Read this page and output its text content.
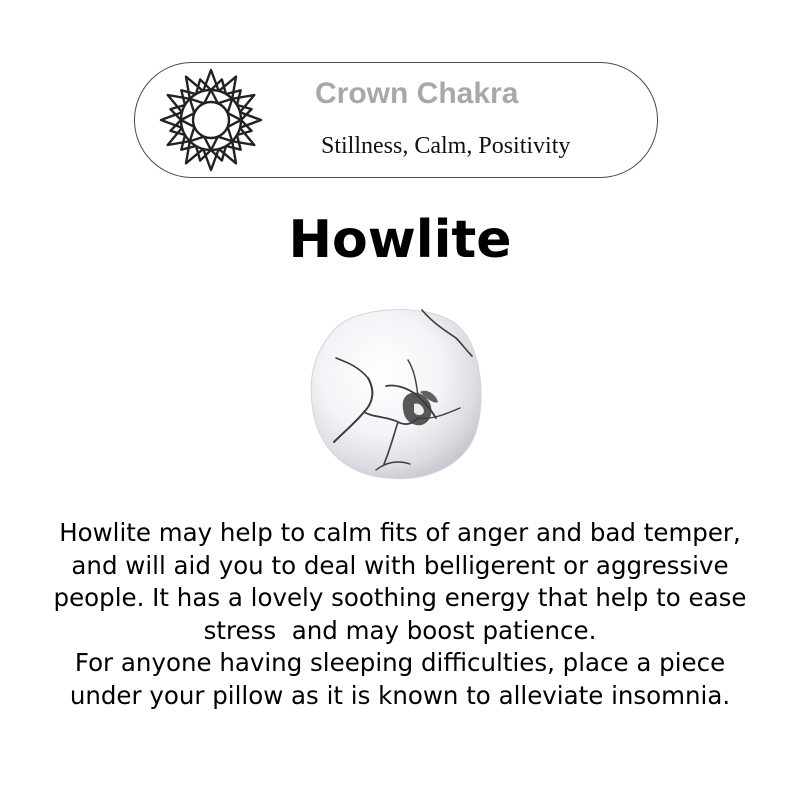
Crown Chakra
Stillness, Calm, Positivity
Howlite
Howlite may help to calm fits of anger and bad temper,
and will aid you to deal with belligerent or aggressive
people. It has a lovely soothing energy that help to ease
stress  and may boost patience.
For anyone having sleeping difficulties, place a piece
under your pillow as it is known to alleviate insomnia.
